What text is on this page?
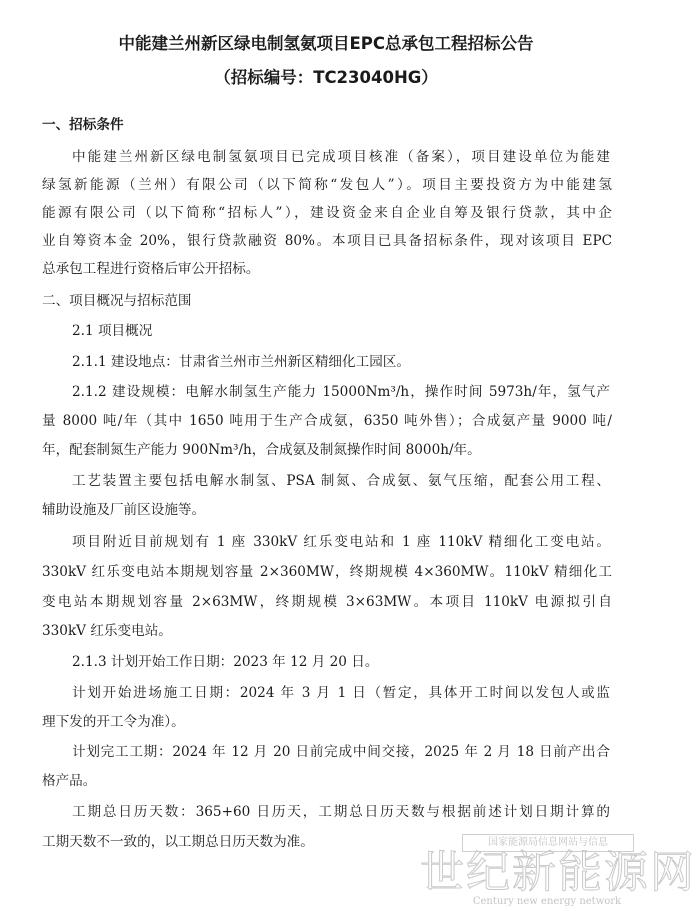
中能建兰州新区绿电制氢氨项目EPC总承包工程招标公告
（招标编号：TC23040HG）
一、招标条件
中能建兰州新区绿电制氢氨项目已完成项目核准（备案），项目建设单位为能建
绿氢新能源（兰州）有限公司（以下简称“发包人”）。项目主要投资方为中能建氢
能源有限公司（以下简称“招标人”），建设资金来自企业自筹及银行贷款，其中企
业自筹资本金 20%，银行贷款融资 80%。本项目已具备招标条件，现对该项目 EPC
总承包工程进行资格后审公开招标。
二、项目概况与招标范围
2.1 项目概况
2.1.1 建设地点：甘肃省兰州市兰州新区精细化工园区。
2.1.2 建设规模：电解水制氢生产能力 15000Nm³/h，操作时间 5973h/年，氢气产
量 8000 吨/年（其中 1650 吨用于生产合成氨，6350 吨外售）；合成氨产量 9000 吨/
年，配套制氮生产能力 900Nm³/h，合成氨及制氮操作时间 8000h/年。
工艺装置主要包括电解水制氢、PSA 制氮、合成氨、氨气压缩，配套公用工程、
辅助设施及厂前区设施等。
项目附近目前规划有 1 座 330kV 红乐变电站和 1 座 110kV 精细化工变电站。
330kV 红乐变电站本期规划容量 2×360MW，终期规模 4×360MW。110kV 精细化工
变电站本期规划容量 2×63MW，终期规模 3×63MW。本项目 110kV 电源拟引自
330kV 红乐变电站。
2.1.3 计划开始工作日期：2023 年 12 月 20 日。
计划开始进场施工日期：2024 年 3 月 1 日（暂定，具体开工时间以发包人或监
理下发的开工令为准）。
计划完工工期：2024 年 12 月 20 日前完成中间交接，2025 年 2 月 18 日前产出合
格产品。
工期总日历天数：365+60 日历天，工期总日历天数与根据前述计划日期计算的
工期天数不一致的，以工期总日历天数为准。	国家能源局信息网站与信息
世纪新能源网
Century new energy network
